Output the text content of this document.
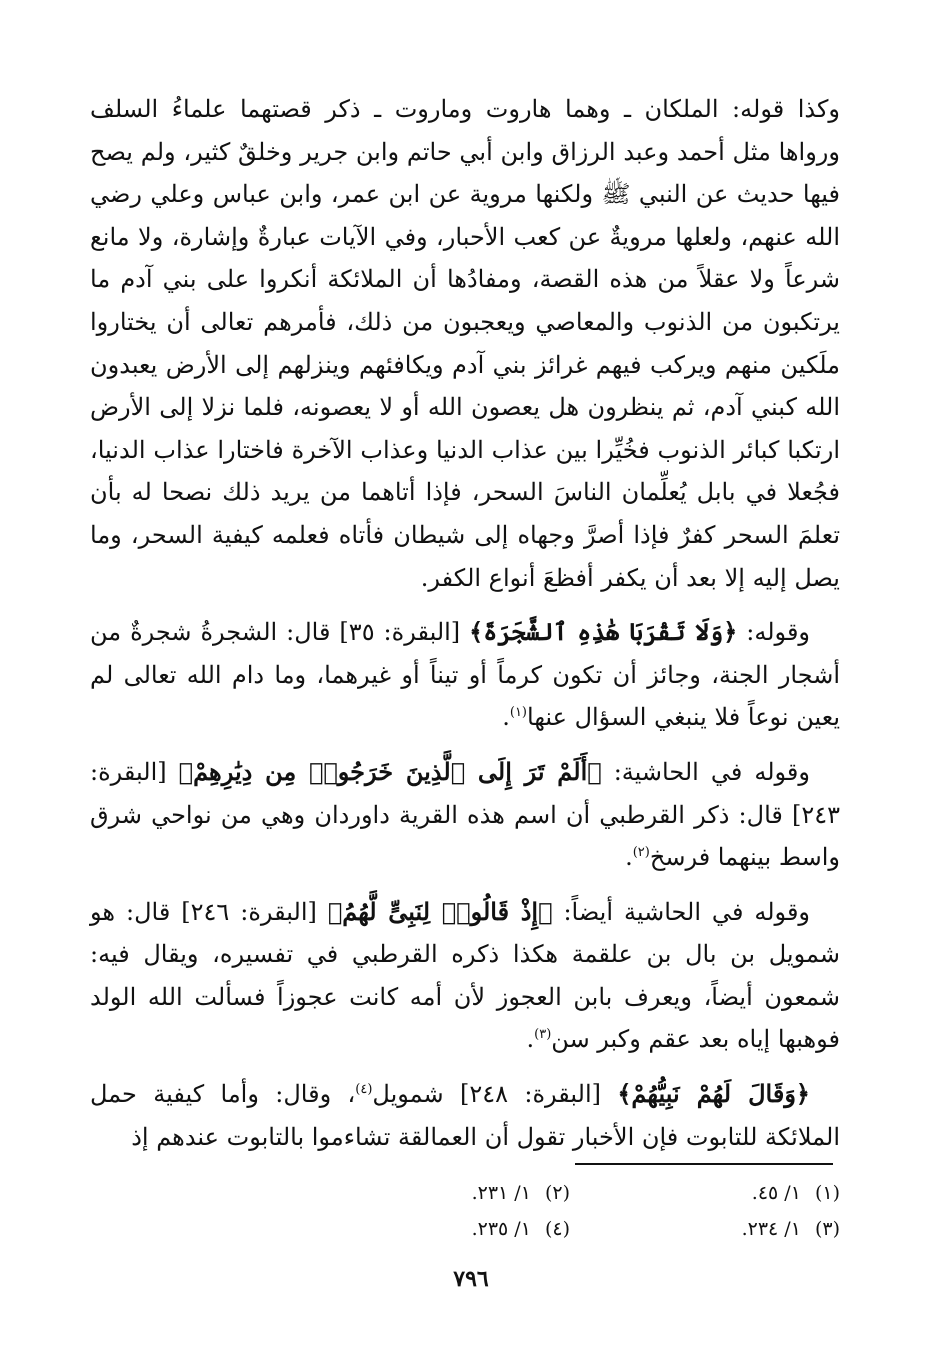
وكذا قوله: الملكان ـ وهما هاروت وماروت ـ ذكر قصتهما علماءُ السلف ورواها مثل أحمد وعبد الرزاق وابن أبي حاتم وابن جرير وخلقٌ كثير، ولم يصح فيها حديث عن النبي ﷺ ولكنها مروية عن ابن عمر، وابن عباس وعلي رضي الله عنهم، ولعلها مرويةٌ عن كعب الأحبار، وفي الآيات عبارةٌ وإشارة، ولا مانع شرعاً ولا عقلاً من هذه القصة، ومفادُها أن الملائكة أنكروا على بني آدم ما يرتكبون من الذنوب والمعاصي ويعجبون من ذلك، فأمرهم تعالى أن يختاروا ملَكين منهم ويركب فيهم غرائز بني آدم ويكافئهم وينزلهم إلى الأرض يعبدون الله كبني آدم، ثم ينظرون هل يعصون الله أو لا يعصونه، فلما نزلا إلى الأرض ارتكبا كبائر الذنوب فخُيِّرا بين عذاب الدنيا وعذاب الآخرة فاختارا عذاب الدنيا، فجُعلا في بابل يُعلِّمان الناسَ السحر، فإذا أتاهما من يريد ذلك نصحا له بأن تعلمَ السحر كفرٌ فإذا أصرَّ وجهاه إلى شيطان فأتاه فعلمه كيفية السحر، وما يصل إليه إلا بعد أن يكفر أفظعَ أنواع الكفر.

وقوله: ﴿وَلَا تَقْرَبَا هَٰذِهِ ٱلشَّجَرَةَ﴾ [البقرة: ٣٥] قال: الشجرةُ شجرةٌ من أشجار الجنة، وجائز أن تكون كرماً أو تيناً أو غيرهما، وما دام الله تعالى لم يعين نوعاً فلا ينبغي السؤال عنها$^{(١)}$.

وقوله في الحاشية: ﴿أَلَمْ تَرَ إِلَى ٱلَّذِينَ خَرَجُوا۟ مِن دِيَٰرِهِمْ﴾ [البقرة: ٢٤٣] قال: ذكر القرطبي أن اسم هذه القرية داوردان وهي من نواحي شرق واسط بينهما فرسخ$^{(٢)}$.

وقوله في الحاشية أيضاً: ﴿إِذْ قَالُوا۟ لِنَبِىٍّ لَّهُمُ﴾ [البقرة: ٢٤٦] قال: هو شمويل بن بال بن علقمة هكذا ذكره القرطبي في تفسيره، ويقال فيه: شمعون أيضاً، ويعرف بابن العجوز لأن أمه كانت عجوزاً فسألت الله الولد فوهبها إياه بعد عقم وكبر سن$^{(٣)}$.

﴿وَقَالَ لَهُمْ نَبِيُّهُمْ﴾ [البقرة: ٢٤٨] شمويل$^{(٤)}$، وقال: وأما كيفية حمل الملائكة للتابوت فإن الأخبار تقول أن العمالقة تشاءموا بالتابوت عندهم إذ

(١)١/ ٤٥.
(٢)١/ ٢٣١.
(٣)١/ ٢٣٤.
(٤)١/ ٢٣٥.
٧٩٦
